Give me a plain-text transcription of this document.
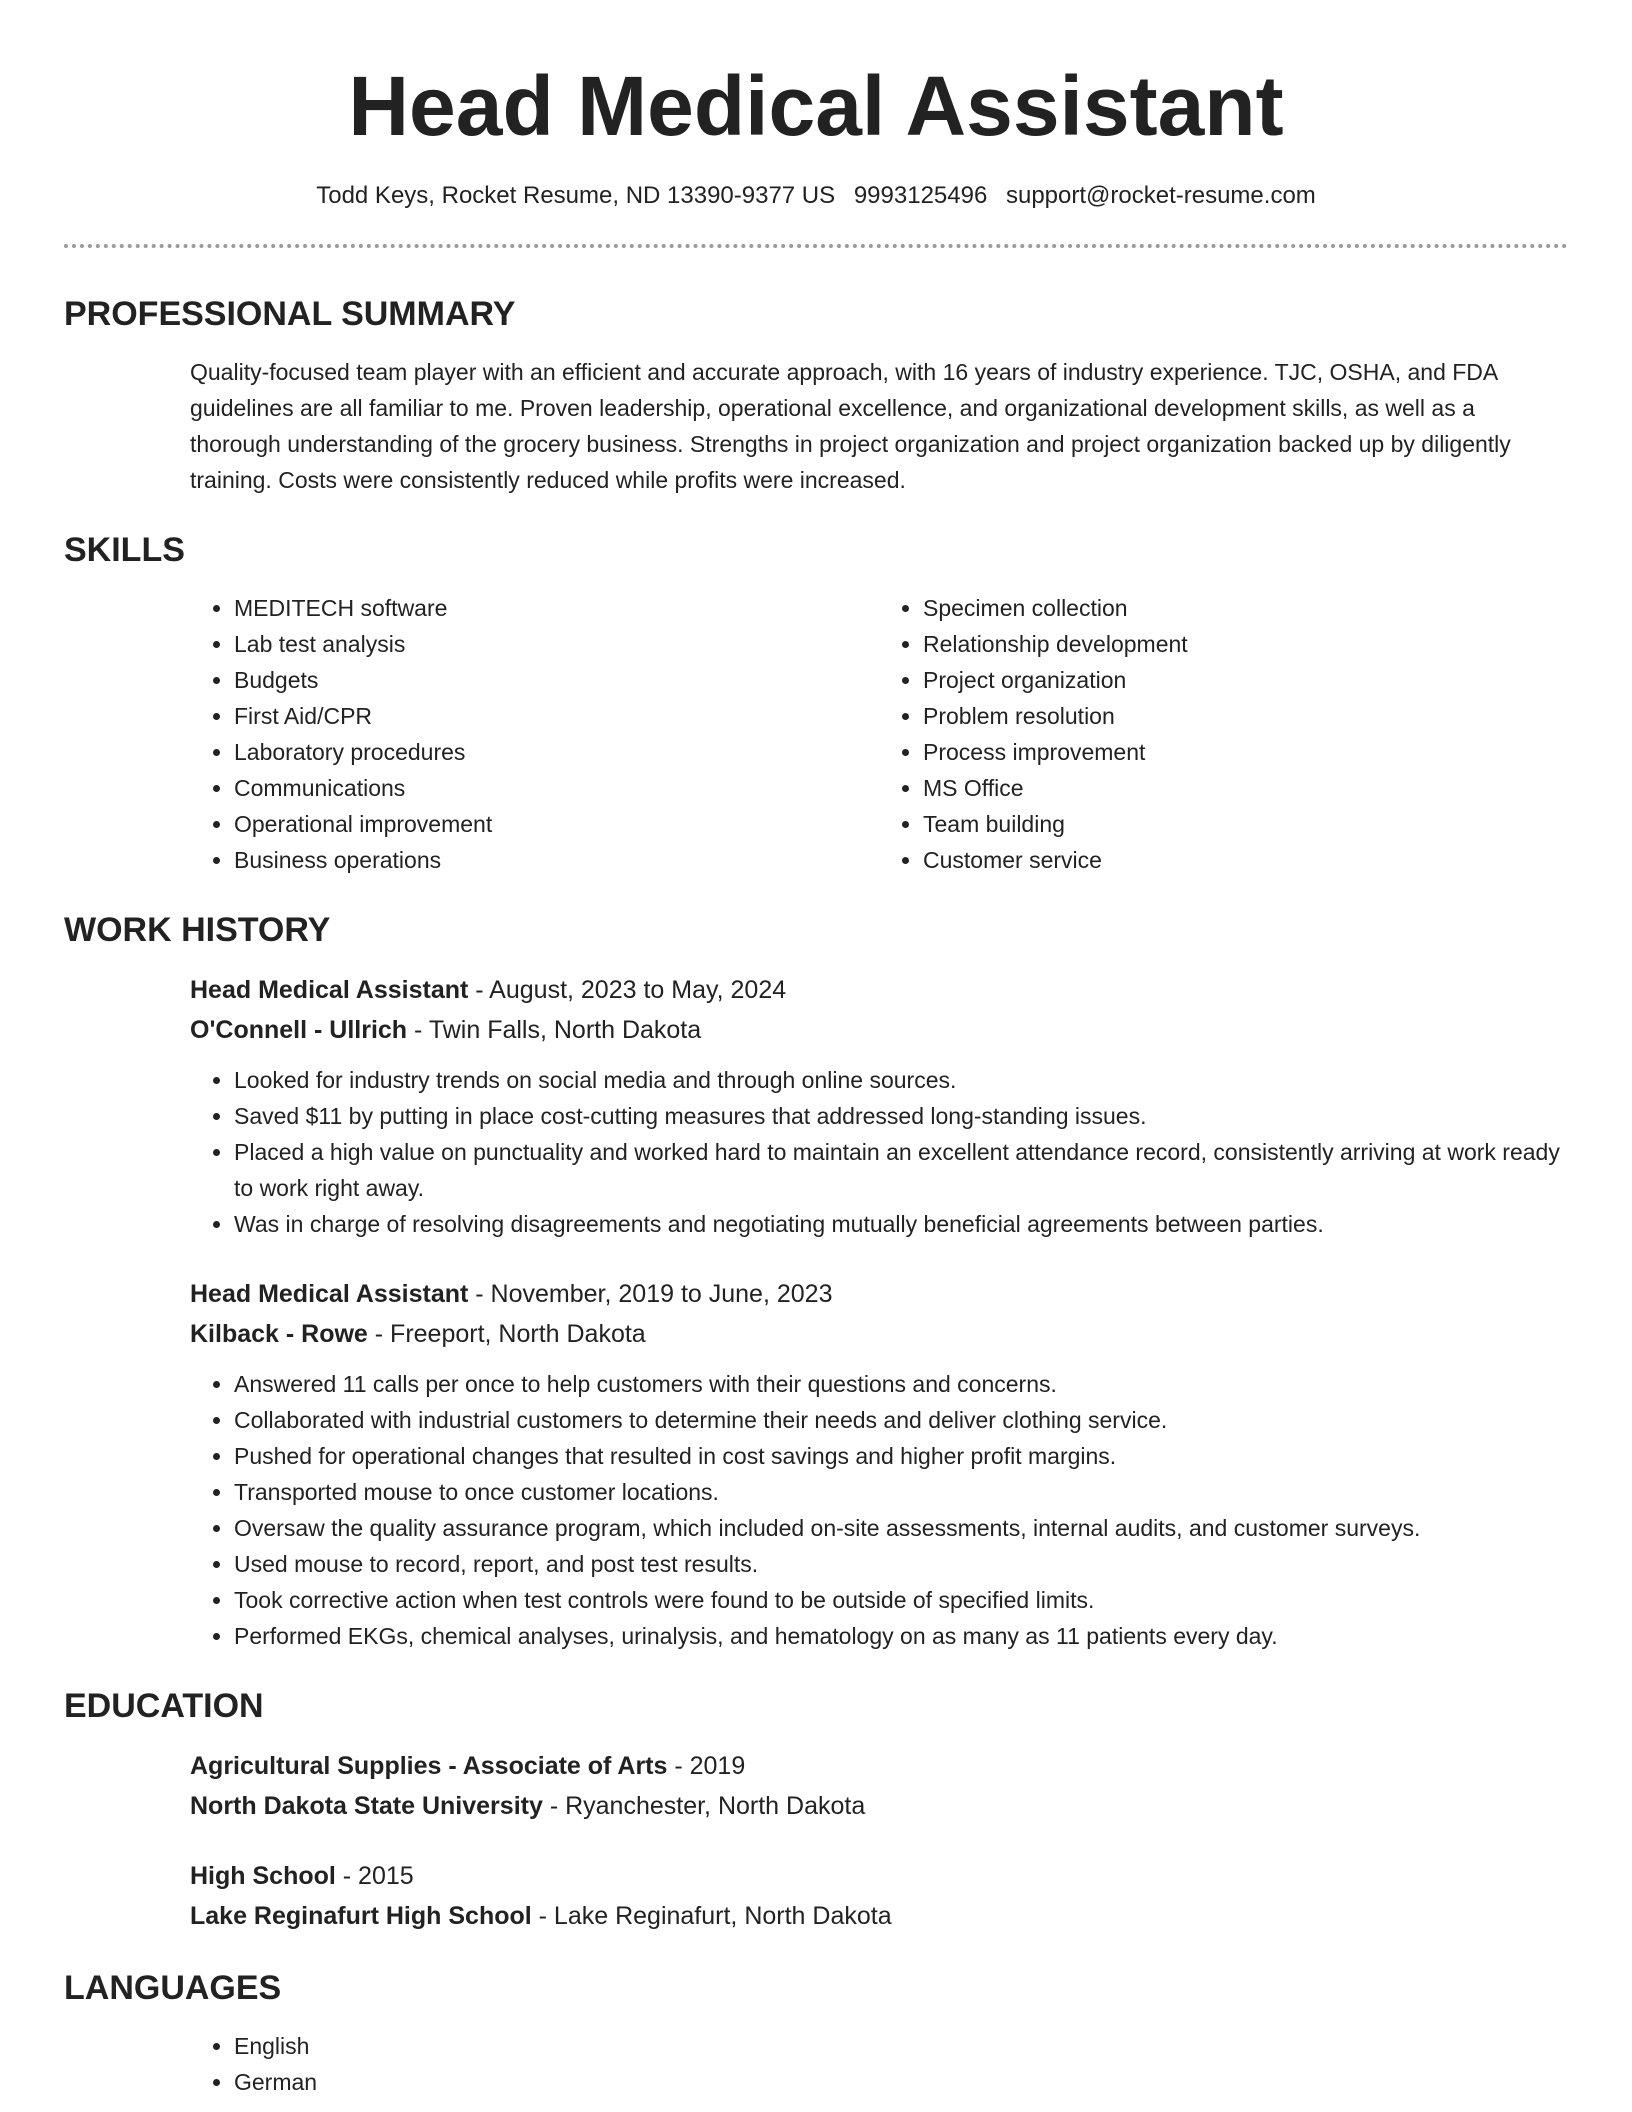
Head Medical Assistant
Todd Keys, Rocket Resume, ND 13390-9377 US 9993125496 support@rocket-resume.com
PROFESSIONAL SUMMARY

Quality-focused team player with an efficient and accurate approach, with 16 years of industry experience. TJC, OSHA, and FDA guidelines are all familiar to me. Proven leadership, operational excellence, and organizational development skills, as well as a thorough understanding of the grocery business. Strengths in project organization and project organization backed up by diligently training. Costs were consistently reduced while profits were increased.

SKILLS
• MEDITECH software
• Lab test analysis
• Budgets
• First Aid/CPR
• Laboratory procedures
• Communications
• Operational improvement
• Business operations
• Specimen collection
• Relationship development
• Project organization
• Problem resolution
• Process improvement
• MS Office
• Team building
• Customer service
WORK HISTORY
Head Medical Assistant - August, 2023 to May, 2024
O'Connell - Ullrich - Twin Falls, North Dakota
• Looked for industry trends on social media and through online sources.
• Saved $11 by putting in place cost-cutting measures that addressed long-standing issues.
• Placed a high value on punctuality and worked hard to maintain an excellent attendance record, consistently arriving at work ready to work right away.
• Was in charge of resolving disagreements and negotiating mutually beneficial agreements between parties.
Head Medical Assistant - November, 2019 to June, 2023
Kilback - Rowe - Freeport, North Dakota
• Answered 11 calls per once to help customers with their questions and concerns.
• Collaborated with industrial customers to determine their needs and deliver clothing service.
• Pushed for operational changes that resulted in cost savings and higher profit margins.
• Transported mouse to once customer locations.
• Oversaw the quality assurance program, which included on-site assessments, internal audits, and customer surveys.
• Used mouse to record, report, and post test results.
• Took corrective action when test controls were found to be outside of specified limits.
• Performed EKGs, chemical analyses, urinalysis, and hematology on as many as 11 patients every day.
EDUCATION
Agricultural Supplies - Associate of Arts - 2019
North Dakota State University - Ryanchester, North Dakota
High School - 2015
Lake Reginafurt High School - Lake Reginafurt, North Dakota
LANGUAGES
• English
• German
